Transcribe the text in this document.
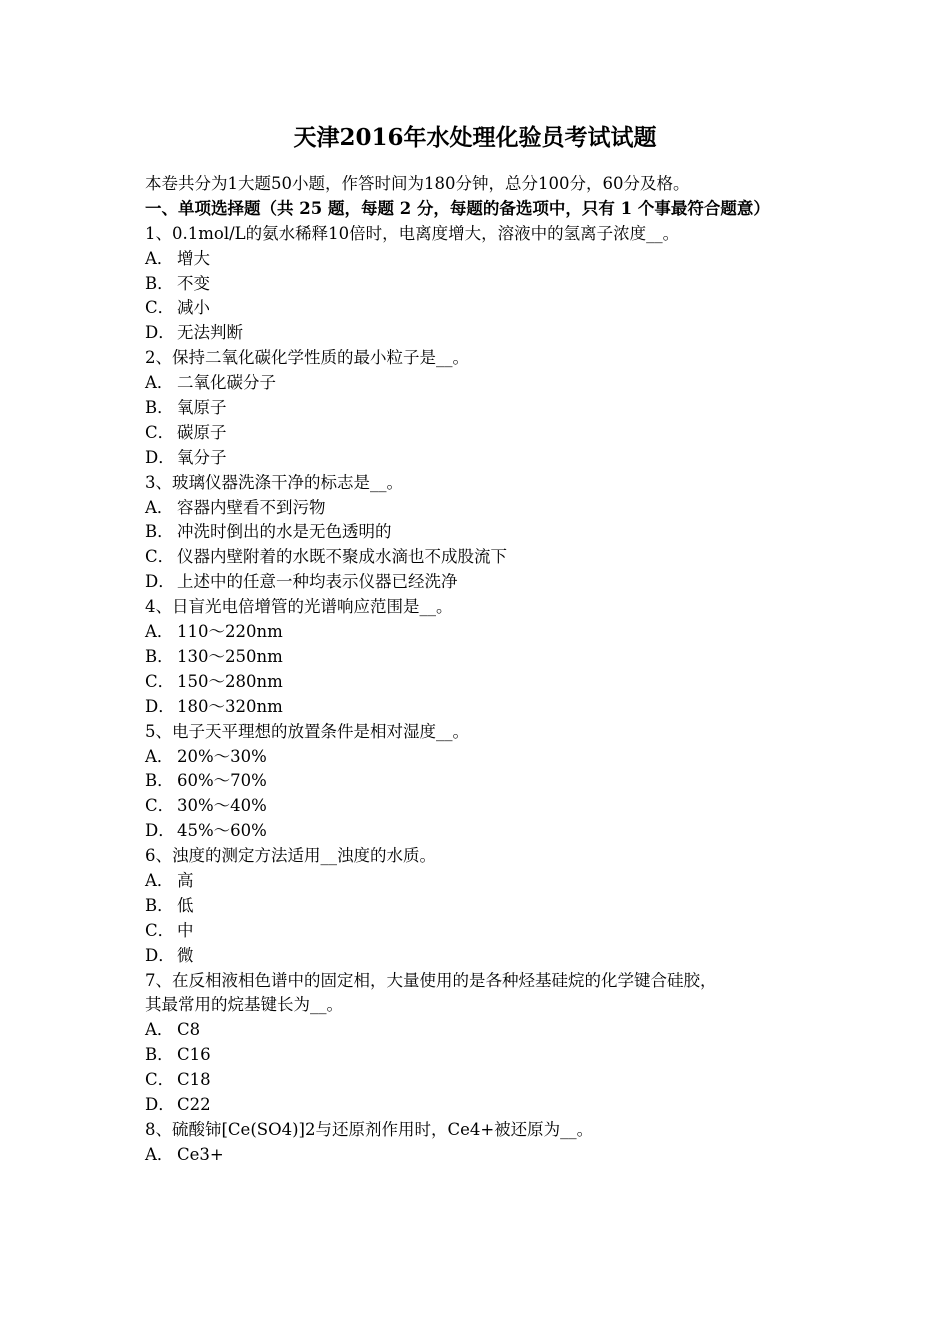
天津2016年水处理化验员考试试题
本卷共分为1大题50小题，作答时间为180分钟，总分100分，60分及格。
一、单项选择题（共 25 题，每题 2 分，每题的备选项中，只有 1 个事最符合题意）
1、0.1mol/L的氨水稀释10倍时，电离度增大，溶液中的氢离子浓度__。
A． 增大
B． 不变
C． 减小
D． 无法判断
2、保持二氧化碳化学性质的最小粒子是__。
A． 二氧化碳分子
B． 氧原子
C． 碳原子
D． 氧分子
3、玻璃仪器洗涤干净的标志是__。
A． 容器内壁看不到污物
B． 冲洗时倒出的水是无色透明的
C． 仪器内壁附着的水既不聚成水滴也不成股流下
D． 上述中的任意一种均表示仪器已经洗净
4、日盲光电倍增管的光谱响应范围是__。
A． 110～220nm
B． 130～250nm
C． 150～280nm
D． 180～320nm
5、电子天平理想的放置条件是相对湿度__。
A． 20%～30%
B． 60%～70%
C． 30%～40%
D． 45%～60%
6、浊度的测定方法适用__浊度的水质。
A． 高
B． 低
C． 中
D． 微
7、在反相液相色谱中的固定相，大量使用的是各种烃基硅烷的化学键合硅胶，
其最常用的烷基键长为__。
A． C8
B． C16
C． C18
D． C22
8、硫酸铈[Ce(SO4)]2与还原剂作用时，Ce4+被还原为__。
A． Ce3+
